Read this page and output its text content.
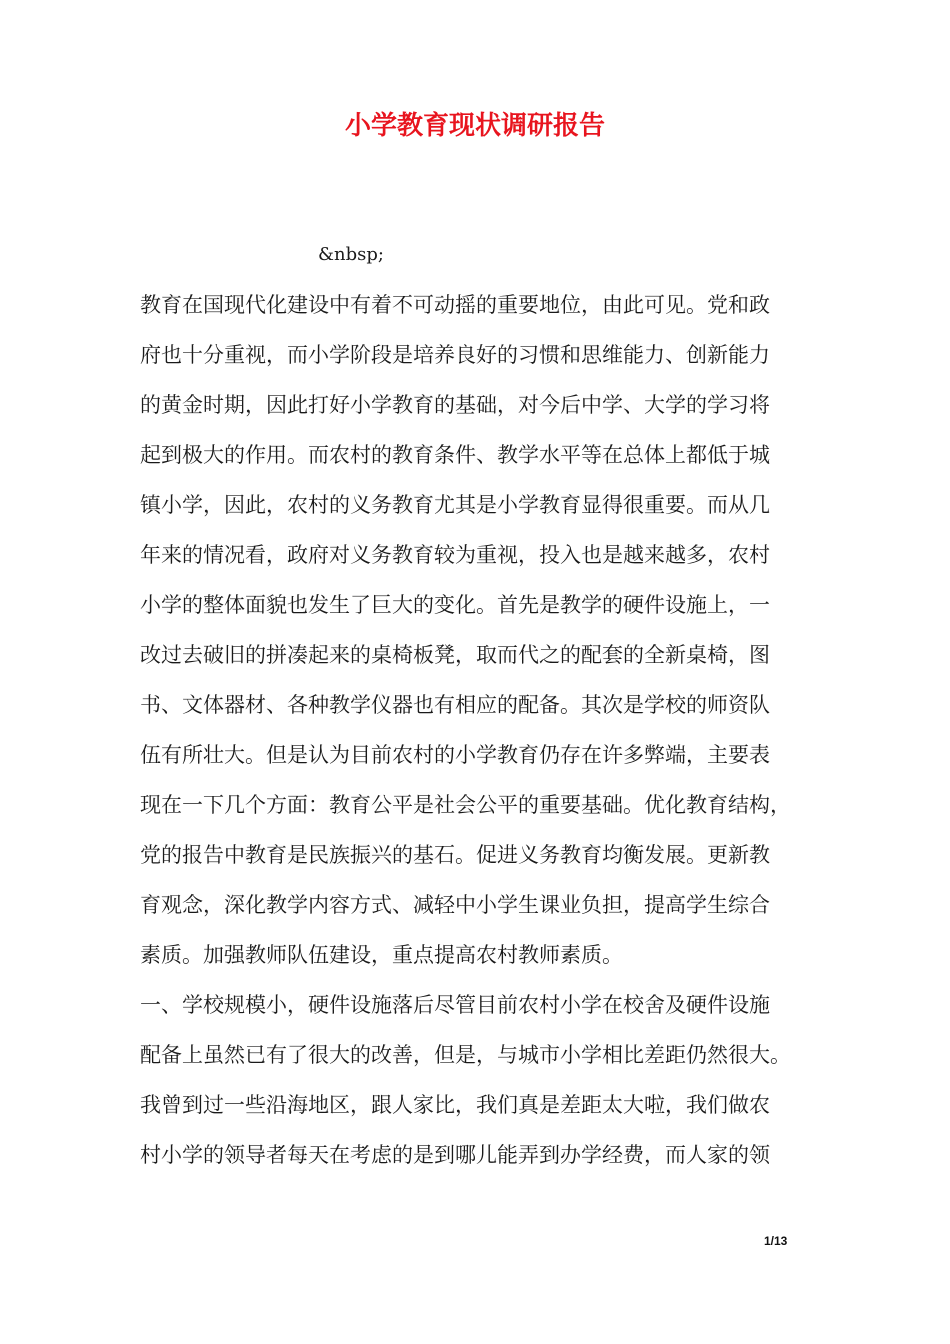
小学教育现状调研报告
&nbsp;
教育在国现代化建设中有着不可动摇的重要地位，由此可见。党和政
府也十分重视，而小学阶段是培养良好的习惯和思维能力、创新能力
的黄金时期，因此打好小学教育的基础，对今后中学、大学的学习将
起到极大的作用。而农村的教育条件、教学水平等在总体上都低于城
镇小学，因此，农村的义务教育尤其是小学教育显得很重要。而从几
年来的情况看，政府对义务教育较为重视，投入也是越来越多，农村
小学的整体面貌也发生了巨大的变化。首先是教学的硬件设施上，一
改过去破旧的拼凑起来的桌椅板凳，取而代之的配套的全新桌椅，图
书、文体器材、各种教学仪器也有相应的配备。其次是学校的师资队
伍有所壮大。但是认为目前农村的小学教育仍存在许多弊端，主要表
现在一下几个方面：教育公平是社会公平的重要基础。优化教育结构，
党的报告中教育是民族振兴的基石。促进义务教育均衡发展。更新教
育观念，深化教学内容方式、减轻中小学生课业负担，提高学生综合
素质。加强教师队伍建设，重点提高农村教师素质。
一、学校规模小，硬件设施落后尽管目前农村小学在校舍及硬件设施
配备上虽然已有了很大的改善，但是，与城市小学相比差距仍然很大。
我曾到过一些沿海地区，跟人家比，我们真是差距太大啦，我们做农
村小学的领导者每天在考虑的是到哪儿能弄到办学经费，而人家的领
1/13
